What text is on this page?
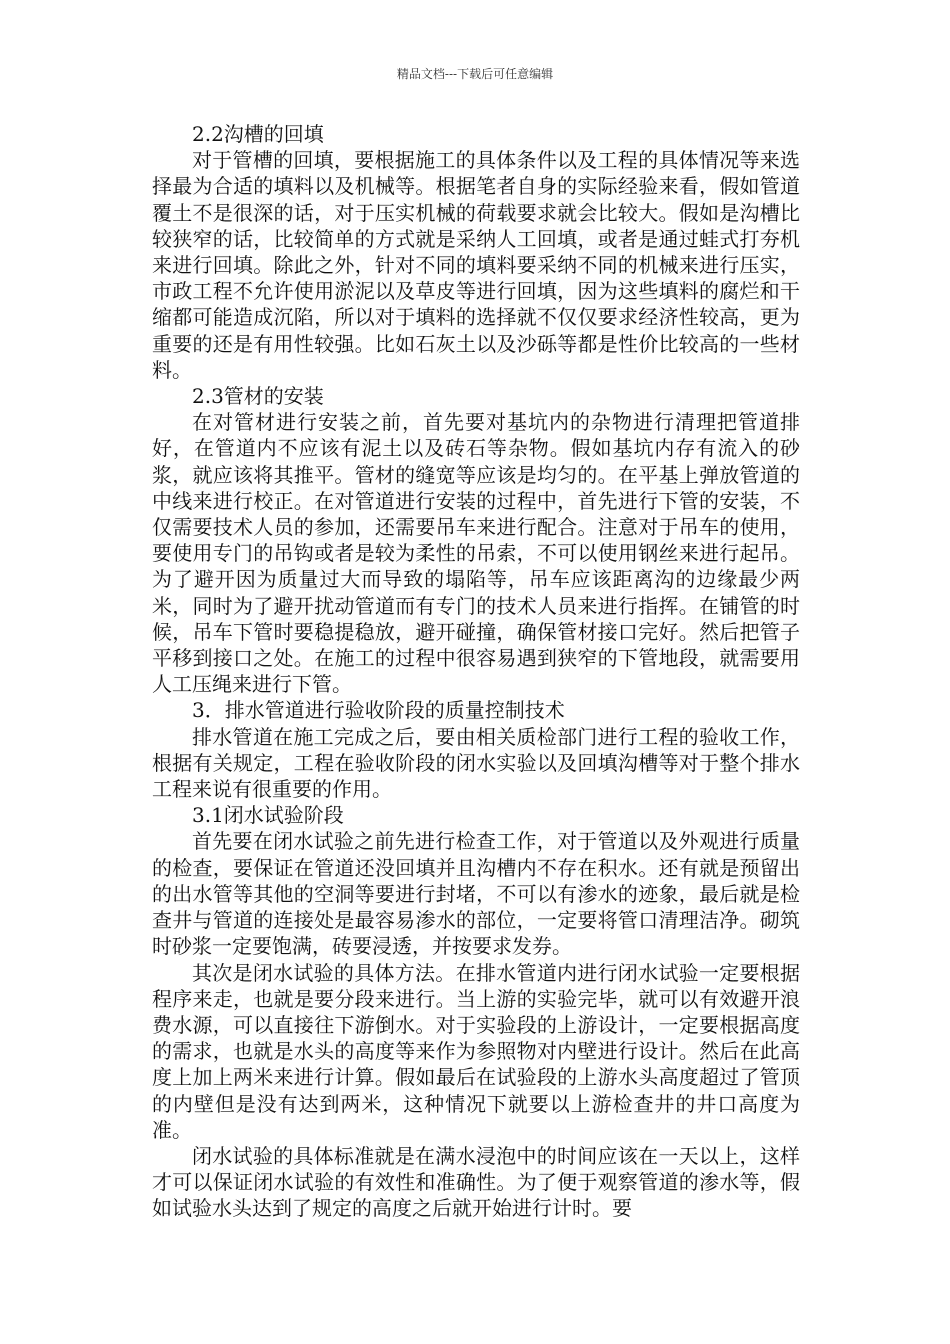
精品文档---下载后可任意编辑

2.2沟槽的回填

对于管槽的回填，要根据施工的具体条件以及工程的具体情况等来选择最为合适的填料以及机械等。根据笔者自身的实际经验来看，假如管道覆土不是很深的话，对于压实机械的荷载要求就会比较大。假如是沟槽比较狭窄的话，比较简单的方式就是采纳人工回填，或者是通过蛙式打夯机来进行回填。除此之外，针对不同的填料要采纳不同的机械来进行压实，市政工程不允许使用淤泥以及草皮等进行回填，因为这些填料的腐烂和干缩都可能造成沉陷，所以对于填料的选择就不仅仅要求经济性较高，更为重要的还是有用性较强。比如石灰土以及沙砾等都是性价比较高的一些材料。

2.3管材的安装

在对管材进行安装之前，首先要对基坑内的杂物进行清理把管道排好，在管道内不应该有泥土以及砖石等杂物。假如基坑内存有流入的砂浆，就应该将其推平。管材的缝宽等应该是均匀的。在平基上弹放管道的中线来进行校正。在对管道进行安装的过程中，首先进行下管的安装，不仅需要技术人员的参加，还需要吊车来进行配合。注意对于吊车的使用，要使用专门的吊钩或者是较为柔性的吊索，不可以使用钢丝来进行起吊。为了避开因为质量过大而导致的塌陷等，吊车应该距离沟的边缘最少两米，同时为了避开扰动管道而有专门的技术人员来进行指挥。在铺管的时候，吊车下管时要稳提稳放，避开碰撞，确保管材接口完好。然后把管子平移到接口之处。在施工的过程中很容易遇到狭窄的下管地段，就需要用人工压绳来进行下管。

3．排水管道进行验收阶段的质量控制技术

排水管道在施工完成之后，要由相关质检部门进行工程的验收工作，根据有关规定，工程在验收阶段的闭水实验以及回填沟槽等对于整个排水工程来说有很重要的作用。

3.1闭水试验阶段

首先要在闭水试验之前先进行检查工作，对于管道以及外观进行质量的检查，要保证在管道还没回填并且沟槽内不存在积水。还有就是预留出的出水管等其他的空洞等要进行封堵，不可以有渗水的迹象，最后就是检查井与管道的连接处是最容易渗水的部位，一定要将管口清理洁净。砌筑时砂浆一定要饱满，砖要浸透，并按要求发券。

其次是闭水试验的具体方法。在排水管道内进行闭水试验一定要根据程序来走，也就是要分段来进行。当上游的实验完毕，就可以有效避开浪费水源，可以直接往下游倒水。对于实验段的上游设计，一定要根据高度的需求，也就是水头的高度等来作为参照物对内壁进行设计。然后在此高度上加上两米来进行计算。假如最后在试验段的上游水头高度超过了管顶的内壁但是没有达到两米，这种情况下就要以上游检查井的井口高度为准。

闭水试验的具体标准就是在满水浸泡中的时间应该在一天以上，这样才可以保证闭水试验的有效性和准确性。为了便于观察管道的渗水等，假如试验水头达到了规定的高度之后就开始进行计时。要
